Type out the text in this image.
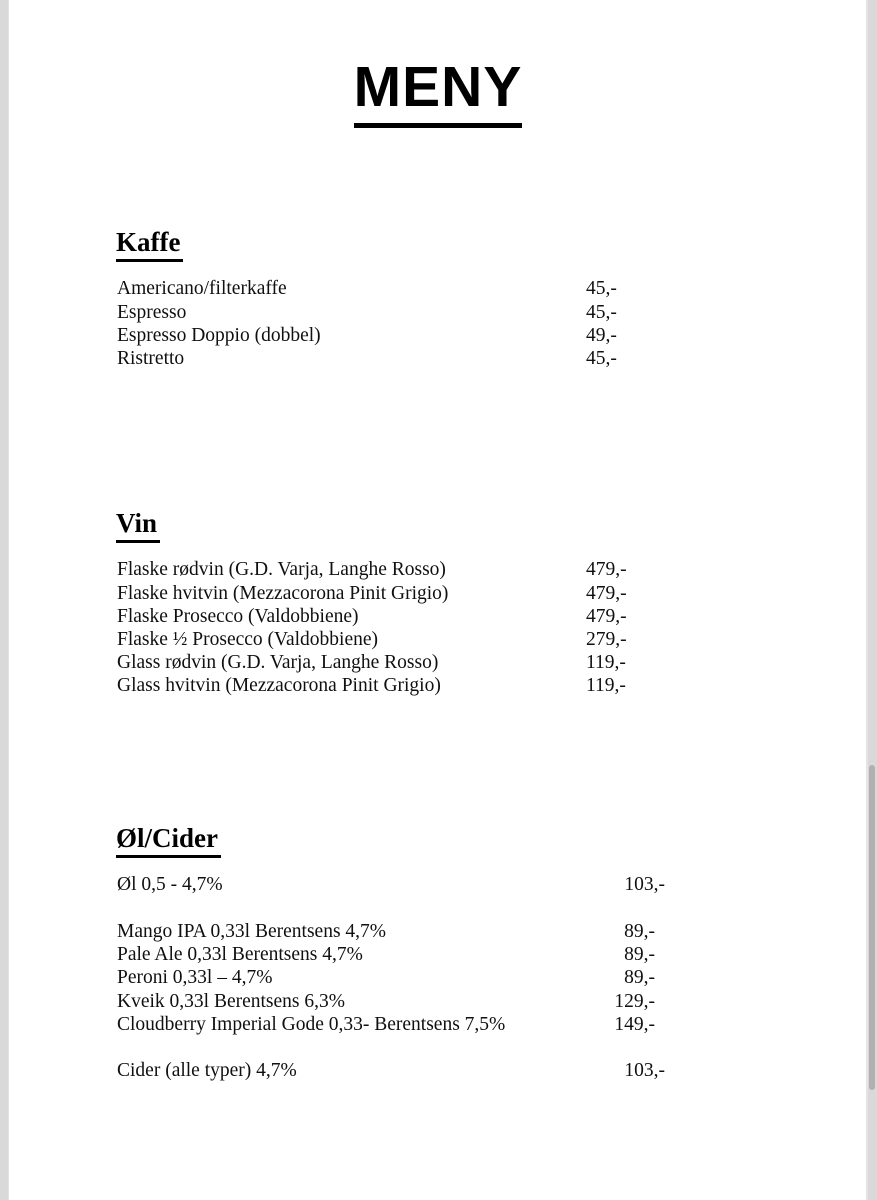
MENY
Kaffe
Americano/filterkaffe	45,-
Espresso	45,-
Espresso Doppio (dobbel)	49,-
Ristretto	45,-
Vin
Flaske rødvin (G.D. Varja, Langhe Rosso)	479,-
Flaske hvitvin (Mezzacorona Pinit Grigio)	479,-
Flaske Prosecco (Valdobbiene)	479,-
Flaske ½ Prosecco (Valdobbiene)	279,-
Glass rødvin (G.D. Varja, Langhe Rosso)	119,-
Glass hvitvin (Mezzacorona Pinit Grigio)	119,-
Øl/Cider
Øl 0,5 - 4,7%	103,-
Mango IPA 0,33l Berentsens 4,7%	89,-
Pale Ale 0,33l Berentsens 4,7%	89,-
Peroni 0,33l – 4,7%	89,-
Kveik 0,33l Berentsens 6,3%	129,-
Cloudberry Imperial Gode 0,33- Berentsens 7,5%	149,-
Cider (alle typer) 4,7%	103,-
